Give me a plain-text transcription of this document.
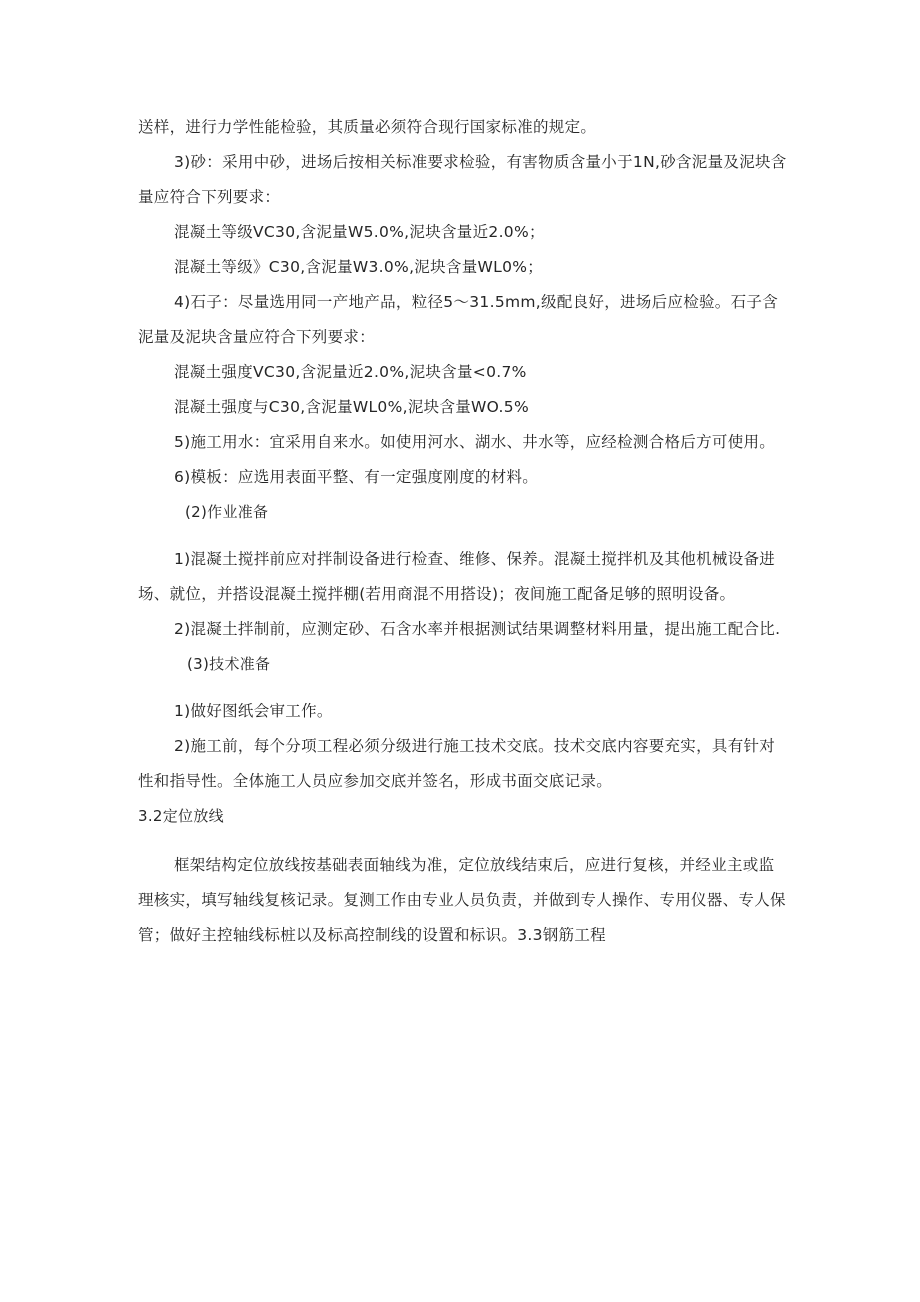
送样，进行力学性能检验，其质量必须符合现行国家标准的规定。

3)砂：采用中砂，进场后按相关标准要求检验，有害物质含量小于1N,砂含泥量及泥块含量应符合下列要求：

混凝土等级VC30,含泥量W5.0%,泥块含量近2.0%；

混凝土等级》C30,含泥量W3.0%,泥块含量WL0%；

4)石子：尽量选用同一产地产品，粒径5～31.5mm,级配良好，进场后应检验。石子含泥量及泥块含量应符合下列要求：

混凝土强度VC30,含泥量近2.0%,泥块含量<0.7%

混凝土强度与C30,含泥量WL0%,泥块含量WO.5%

5)施工用水：宜采用自来水。如使用河水、湖水、井水等，应经检测合格后方可使用。

6)模板：应选用表面平整、有一定强度刚度的材料。

(2)作业准备

1)混凝土搅拌前应对拌制设备进行检查、维修、保养。混凝土搅拌机及其他机械设备进场、就位，并搭设混凝土搅拌棚(若用商混不用搭设)；夜间施工配备足够的照明设备。

2)混凝土拌制前，应测定砂、石含水率并根据测试结果调整材料用量，提出施工配合比.

(3)技术准备

1)做好图纸会审工作。

2)施工前，每个分项工程必须分级进行施工技术交底。技术交底内容要充实，具有针对性和指导性。全体施工人员应参加交底并签名，形成书面交底记录。

3.2定位放线

框架结构定位放线按基础表面轴线为准，定位放线结束后，应进行复核，并经业主或监理核实，填写轴线复核记录。复测工作由专业人员负责，并做到专人操作、专用仪器、专人保管；做好主控轴线标桩以及标高控制线的设置和标识。3.3钢筋工程
